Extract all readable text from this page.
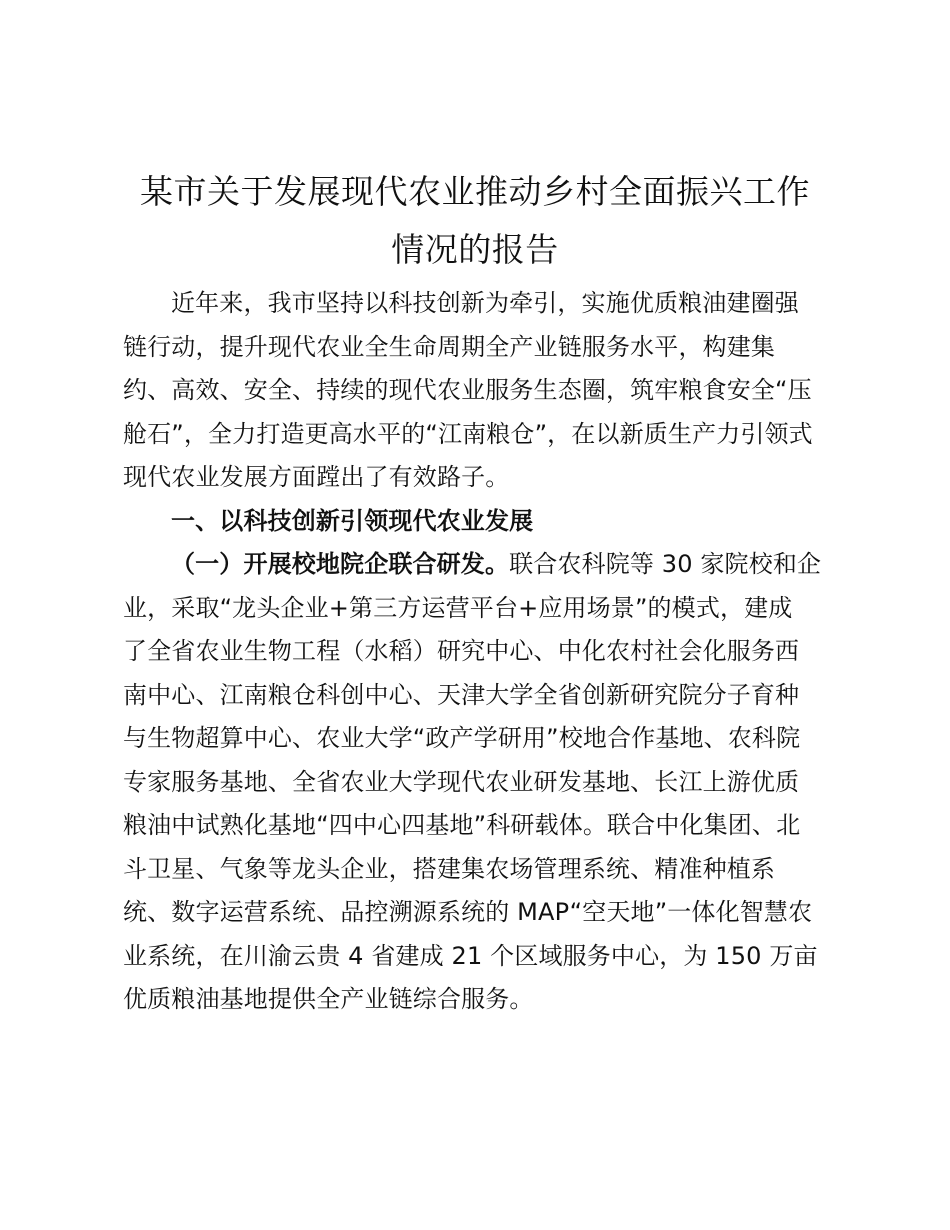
某市关于发展现代农业推动乡村全面振兴工作
情况的报告
近年来，我市坚持以科技创新为牵引，实施优质粮油建圈强
链行动，提升现代农业全生命周期全产业链服务水平，构建集
约、高效、安全、持续的现代农业服务生态圈，筑牢粮食安全“压
舱石”，全力打造更高水平的“江南粮仓”，在以新质生产力引领式
现代农业发展方面蹚出了有效路子。
一、以科技创新引领现代农业发展
（一）开展校地院企联合研发。联合农科院等 30 家院校和企
业，采取“龙头企业+第三方运营平台+应用场景”的模式，建成
了全省农业生物工程（水稻）研究中心、中化农村社会化服务西
南中心、江南粮仓科创中心、天津大学全省创新研究院分子育种
与生物超算中心、农业大学“政产学研用”校地合作基地、农科院
专家服务基地、全省农业大学现代农业研发基地、长江上游优质
粮油中试熟化基地“四中心四基地”科研载体。联合中化集团、北
斗卫星、气象等龙头企业，搭建集农场管理系统、精准种植系
统、数字运营系统、品控溯源系统的 MAP“空天地”一体化智慧农
业系统，在川渝云贵 4 省建成 21 个区域服务中心，为 150 万亩
优质粮油基地提供全产业链综合服务。
